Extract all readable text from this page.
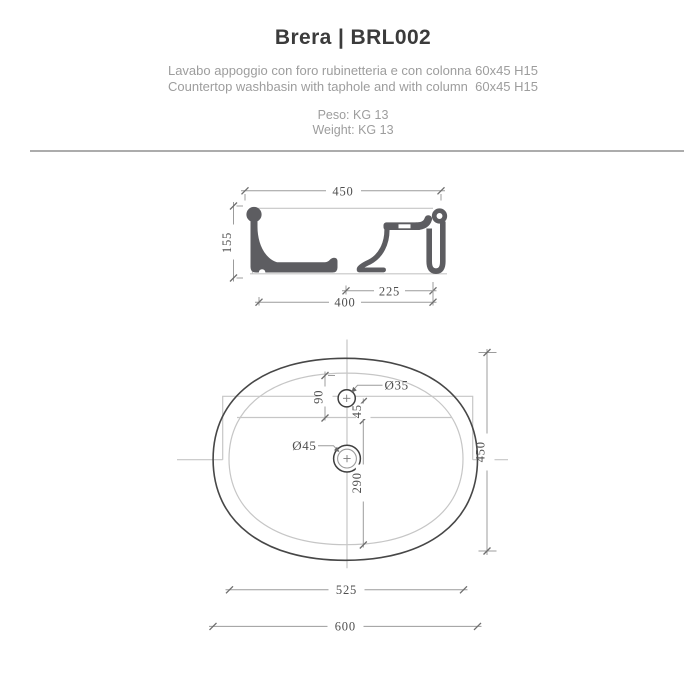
Brera | BRL002
Lavabo appoggio con foro rubinetteria e con colonna 60x45 H15
Countertop washbasin with taphole and with column  60x45 H15
Peso: KG 13
Weight: KG 13
450
155
225
400
90
45
290
450
525
600
Ø35
Ø45
